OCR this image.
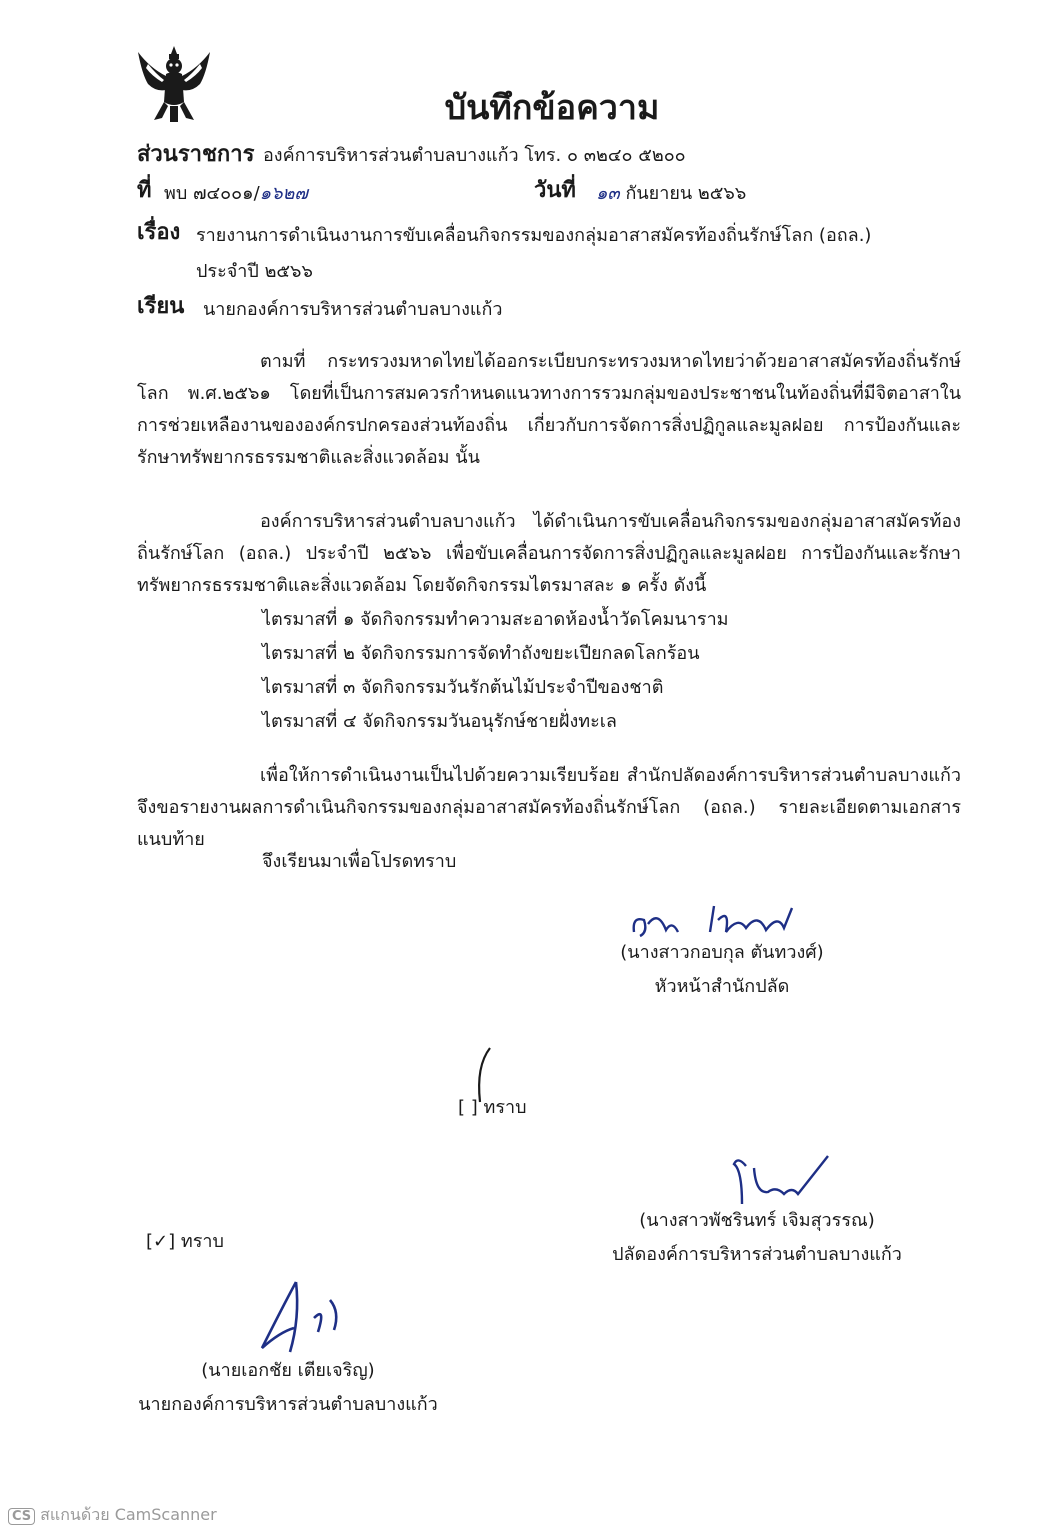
บันทึกข้อความ
ส่วนราชการ องค์การบริหารส่วนตำบลบางแก้ว โทร. ๐ ๓๒๔๐ ๕๒๐๐
ที่ พบ ๗๔๐๐๑/๑๖๒๗	วันที่ ๑๓ กันยายน ๒๕๖๖
เรื่อง รายงานการดำเนินงานการขับเคลื่อนกิจกรรมของกลุ่มอาสาสมัครท้องถิ่นรักษ์โลก (อถล.)
ประจำปี ๒๕๖๖
เรียน นายกองค์การบริหารส่วนตำบลบางแก้ว
ตามที่ กระทรวงมหาดไทยได้ออกระเบียบกระทรวงมหาดไทยว่าด้วยอาสาสมัครท้องถิ่นรักษ์โลก พ.ศ.๒๕๖๑ โดยที่เป็นการสมควรกำหนดแนวทางการรวมกลุ่มของประชาชนในท้องถิ่นที่มีจิตอาสาในการช่วยเหลืองานขององค์กรปกครองส่วนท้องถิ่น เกี่ยวกับการจัดการสิ่งปฏิกูลและมูลฝอย การป้องกันและรักษาทรัพยากรธรรมชาติและสิ่งแวดล้อม นั้น
องค์การบริหารส่วนตำบลบางแก้ว ได้ดำเนินการขับเคลื่อนกิจกรรมของกลุ่มอาสาสมัครท้องถิ่นรักษ์โลก (อถล.) ประจำปี ๒๕๖๖ เพื่อขับเคลื่อนการจัดการสิ่งปฏิกูลและมูลฝอย การป้องกันและรักษาทรัพยากรธรรมชาติและสิ่งแวดล้อม โดยจัดกิจกรรมไตรมาสละ ๑ ครั้ง ดังนี้
ไตรมาสที่ ๑ จัดกิจกรรมทำความสะอาดห้องน้ำวัดโคมนาราม
ไตรมาสที่ ๒ จัดกิจกรรมการจัดทำถังขยะเปียกลดโลกร้อน
ไตรมาสที่ ๓ จัดกิจกรรมวันรักต้นไม้ประจำปีของชาติ
ไตรมาสที่ ๔ จัดกิจกรรมวันอนุรักษ์ชายฝั่งทะเล
เพื่อให้การดำเนินงานเป็นไปด้วยความเรียบร้อย สำนักปลัดองค์การบริหารส่วนตำบลบางแก้ว จึงขอรายงานผลการดำเนินกิจกรรมของกลุ่มอาสาสมัครท้องถิ่นรักษ์โลก (อถล.) รายละเอียดตามเอกสารแนบท้าย
จึงเรียนมาเพื่อโปรดทราบ
(นางสาวกอบกุล ตันทวงศ์)
หัวหน้าสำนักปลัด
[ ] ทราบ
(นางสาวพัชรินทร์ เจิมสุวรรณ)
ปลัดองค์การบริหารส่วนตำบลบางแก้ว
[✓] ทราบ
(นายเอกชัย เตียเจริญ)
นายกองค์การบริหารส่วนตำบลบางแก้ว
CS สแกนด้วย CamScanner
